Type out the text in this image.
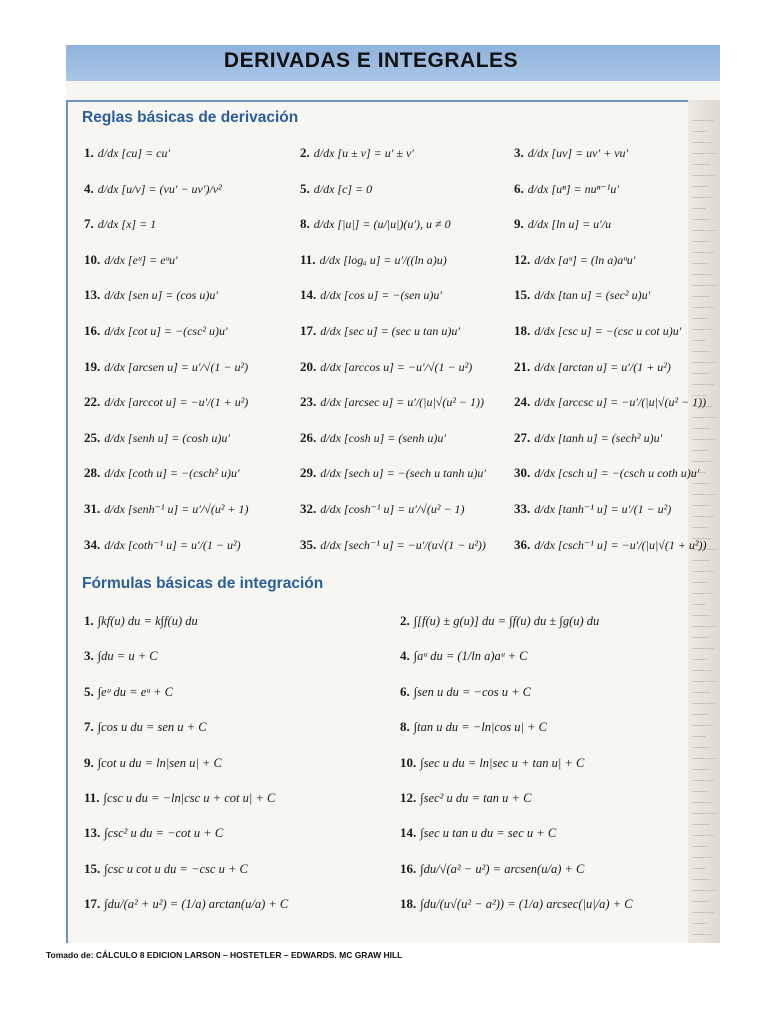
DERIVADAS E INTEGRALES
Reglas básicas de derivación
1. d/dx [cu] = cu′	2. d/dx [u ± v] = u′ ± v′	3. d/dx [uv] = uv′ + vu′
4. d/dx [u/v] = (vu′ − uv′)/v²	5. d/dx [c] = 0	6. d/dx [uⁿ] = nuⁿ⁻¹u′
7. d/dx [x] = 1	8. d/dx [|u|] = (u/|u|)(u′), u ≠ 0	9. d/dx [ln u] = u′/u
10. d/dx [eᵘ] = eᵘu′	11. d/dx [logₐ u] = u′/((ln a)u)	12. d/dx [aᵘ] = (ln a)aᵘu′
13. d/dx [sen u] = (cos u)u′	14. d/dx [cos u] = −(sen u)u′	15. d/dx [tan u] = (sec² u)u′
16. d/dx [cot u] = −(csc² u)u′	17. d/dx [sec u] = (sec u tan u)u′	18. d/dx [csc u] = −(csc u cot u)u′
19. d/dx [arcsen u] = u′/√(1 − u²)	20. d/dx [arccos u] = −u′/√(1 − u²)	21. d/dx [arctan u] = u′/(1 + u²)
22. d/dx [arccot u] = −u′/(1 + u²)	23. d/dx [arcsec u] = u′/(|u|√(u² − 1)) 24. d/dx [arccsc u] = −u′/(|u|√(u² − 1))
25. d/dx [senh u] = (cosh u)u′	26. d/dx [cosh u] = (senh u)u′	27. d/dx [tanh u] = (sech² u)u′
28. d/dx [coth u] = −(csch² u)u′	29. d/dx [sech u] = −(sech u tanh u)u′ 30. d/dx [csch u] = −(csch u coth u)u′
31. d/dx [senh⁻¹ u] = u′/√(u² + 1)	32. d/dx [cosh⁻¹ u] = u′/√(u² − 1)	33. d/dx [tanh⁻¹ u] = u′/(1 − u²)
34. d/dx [coth⁻¹ u] = u′/(1 − u²)	35. d/dx [sech⁻¹ u] = −u′/(u√(1 − u²)) 36. d/dx [csch⁻¹ u] = −u′/(|u|√(1 + u²))
Fórmulas básicas de integración
1. ∫kf(u) du = k∫f(u) du	2. ∫[f(u) ± g(u)] du = ∫f(u) du ± ∫g(u) du
3. ∫du = u + C	4. ∫aᵘ du = (1/ln a)aᵘ + C
5. ∫eᵘ du = eᵘ + C	6. ∫sen u du = −cos u + C
7. ∫cos u du = sen u + C	8. ∫tan u du = −ln|cos u| + C
9. ∫cot u du = ln|sen u| + C	10. ∫sec u du = ln|sec u + tan u| + C
11. ∫csc u du = −ln|csc u + cot u| + C	12. ∫sec² u du = tan u + C
13. ∫csc² u du = −cot u + C	14. ∫sec u tan u du = sec u + C
15. ∫csc u cot u du = −csc u + C	16. ∫du/√(a² − u²) = arcsen(u/a) + C
17. ∫du/(a² + u²) = (1/a) arctan(u/a) + C	18. ∫du/(u√(u² − a²)) = (1/a) arcsec(|u|/a) + C
Tomado de: CÁLCULO 8 EDICION LARSON – HOSTETLER – EDWARDS. MC GRAW HILL
